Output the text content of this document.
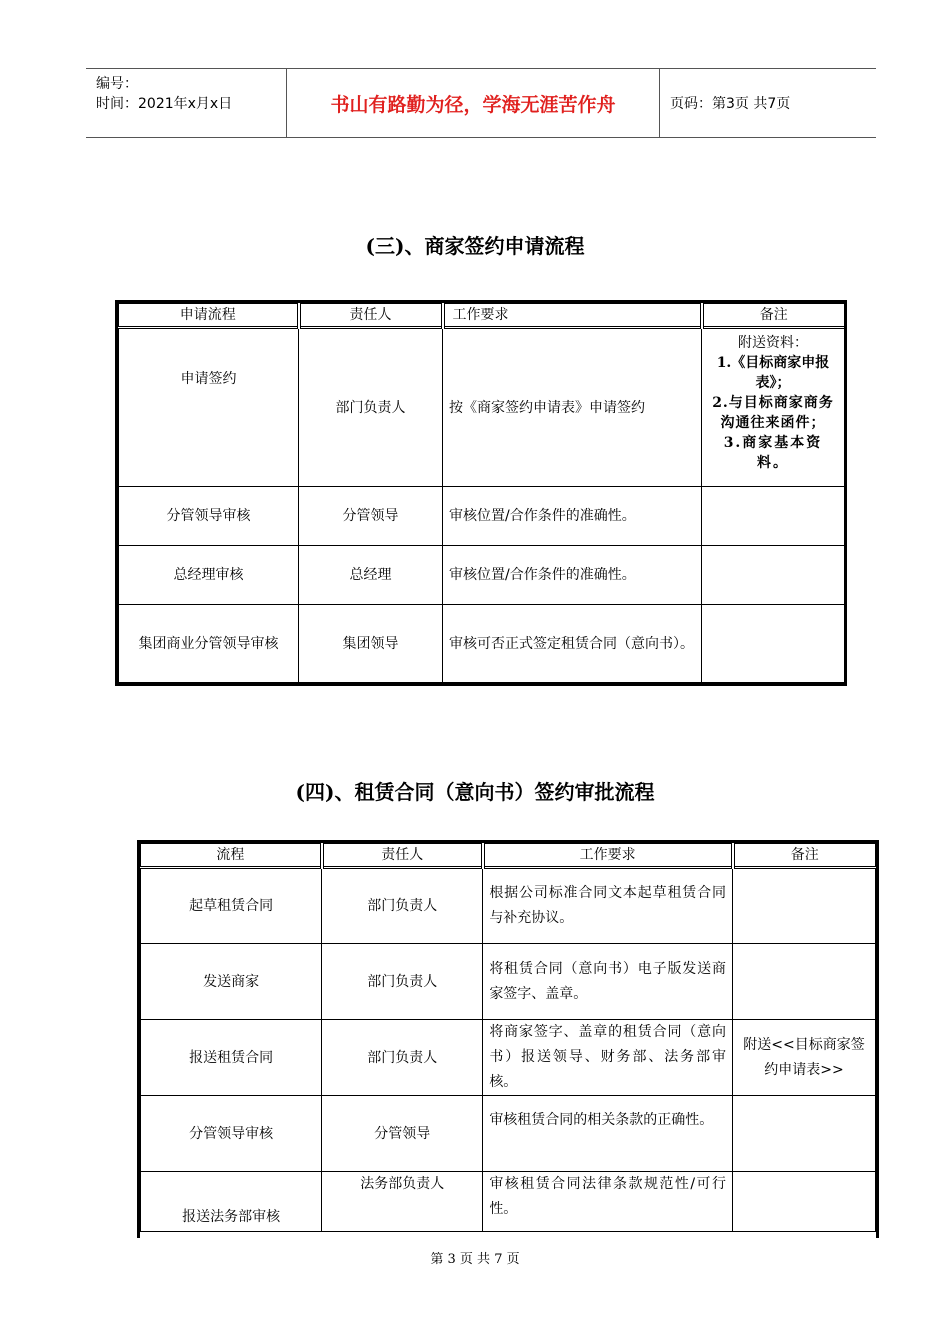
编号：
时间：2021年x月x日	书山有路勤为径，学海无涯苦作舟	页码：第3页 共7页
(三)、商家签约申请流程
申请流程	责任人	工作要求	备注
申请签约	部门负责人	按《商家签约申请表》申请签约	附送资料：
1.《目标商家申报表》；
2.与目标商家商务沟通往来函件；
3.商家基本资料。

分管领导审核	分管领导	审核位置/合作条件的准确性。	
总经理审核	总经理	审核位置/合作条件的准确性。	
集团商业分管领导审核	集团领导	审核可否正式签定租赁合同（意向书）。	
(四)、租赁合同（意向书）签约审批流程
流程	责任人	工作要求	备注
起草租赁合同	部门负责人	根据公司标准合同文本起草租赁合同与补充协议。	
发送商家	部门负责人	将租赁合同（意向书）电子版发送商家签字、盖章。	
报送租赁合同	部门负责人	将商家签字、盖章的租赁合同（意向书）报送领导、财务部、法务部审核。	附送<<目标商家签约申请表>>
分管领导审核	分管领导	审核租赁合同的相关条款的正确性。	
报送法务部审核	法务部负责人	审核租赁合同法律条款规范性/可行性。	
第 3 页 共 7 页
